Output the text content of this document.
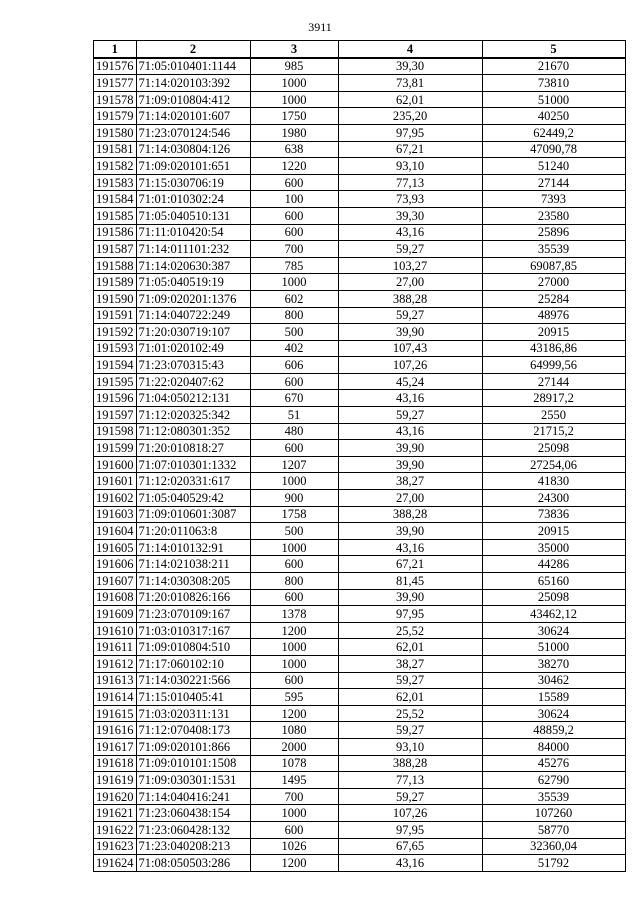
3911
1	2	3	4	5
191576	71:05:010401:1144	985	39,30	21670
191577	71:14:020103:392	1000	73,81	73810
191578	71:09:010804:412	1000	62,01	51000
191579	71:14:020101:607	1750	235,20	40250
191580	71:23:070124:546	1980	97,95	62449,2
191581	71:14:030804:126	638	67,21	47090,78
191582	71:09:020101:651	1220	93,10	51240
191583	71:15:030706:19	600	77,13	27144
191584	71:01:010302:24	100	73,93	7393
191585	71:05:040510:131	600	39,30	23580
191586	71:11:010420:54	600	43,16	25896
191587	71:14:011101:232	700	59,27	35539
191588	71:14:020630:387	785	103,27	69087,85
191589	71:05:040519:19	1000	27,00	27000
191590	71:09:020201:1376	602	388,28	25284
191591	71:14:040722:249	800	59,27	48976
191592	71:20:030719:107	500	39,90	20915
191593	71:01:020102:49	402	107,43	43186,86
191594	71:23:070315:43	606	107,26	64999,56
191595	71:22:020407:62	600	45,24	27144
191596	71:04:050212:131	670	43,16	28917,2
191597	71:12:020325:342	51	59,27	2550
191598	71:12:080301:352	480	43,16	21715,2
191599	71:20:010818:27	600	39,90	25098
191600	71:07:010301:1332	1207	39,90	27254,06
191601	71:12:020331:617	1000	38,27	41830
191602	71:05:040529:42	900	27,00	24300
191603	71:09:010601:3087	1758	388,28	73836
191604	71:20:011063:8	500	39,90	20915
191605	71:14:010132:91	1000	43,16	35000
191606	71:14:021038:211	600	67,21	44286
191607	71:14:030308:205	800	81,45	65160
191608	71:20:010826:166	600	39,90	25098
191609	71:23:070109:167	1378	97,95	43462,12
191610	71:03:010317:167	1200	25,52	30624
191611	71:09:010804:510	1000	62,01	51000
191612	71:17:060102:10	1000	38,27	38270
191613	71:14:030221:566	600	59,27	30462
191614	71:15:010405:41	595	62,01	15589
191615	71:03:020311:131	1200	25,52	30624
191616	71:12:070408:173	1080	59,27	48859,2
191617	71:09:020101:866	2000	93,10	84000
191618	71:09:010101:1508	1078	388,28	45276
191619	71:09:030301:1531	1495	77,13	62790
191620	71:14:040416:241	700	59,27	35539
191621	71:23:060438:154	1000	107,26	107260
191622	71:23:060428:132	600	97,95	58770
191623	71:23:040208:213	1026	67,65	32360,04
191624	71:08:050503:286	1200	43,16	51792
